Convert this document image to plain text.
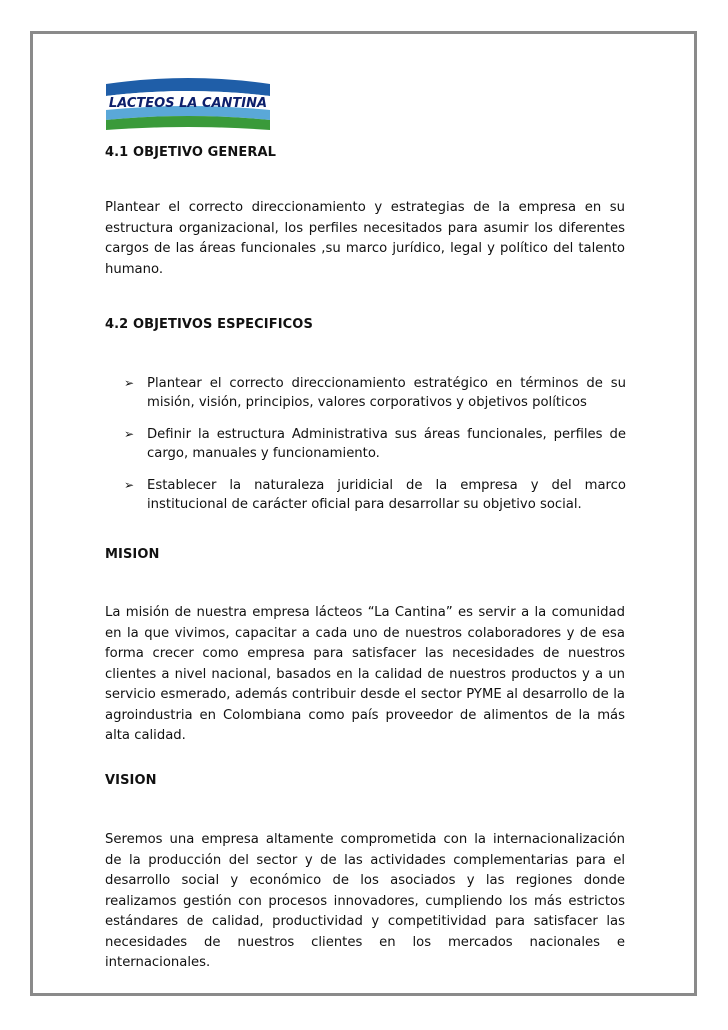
LACTEOS LA CANTINA
4.1 OBJETIVO GENERAL

Plantear el correcto direccionamiento y estrategias de la empresa en su estructura organizacional, los perfiles necesitados para asumir los diferentes cargos de las áreas funcionales ,su marco jurídico, legal y político del talento humano.

4.2 OBJETIVOS ESPECIFICOS
➢ Plantear el correcto direccionamiento estratégico en términos de su misión, visión, principios, valores corporativos y objetivos políticos
➢ Definir la estructura Administrativa sus áreas funcionales, perfiles de cargo, manuales y funcionamiento.
➢ Establecer la naturaleza juridicial de la empresa y del marco institucional de carácter oficial para desarrollar su objetivo social.
MISION

La misión de nuestra empresa lácteos “La Cantina” es servir a la comunidad en la que vivimos, capacitar a cada uno de nuestros colaboradores y de esa forma crecer como empresa para satisfacer las necesidades de nuestros clientes a nivel nacional, basados en la calidad de nuestros productos y a un servicio esmerado, además contribuir desde el sector PYME al desarrollo de la agroindustria en Colombiana como país proveedor de alimentos de la más alta calidad.

VISION

Seremos una empresa altamente comprometida con la internacionalización de la producción del sector y de las actividades complementarias para el desarrollo social y económico de los asociados y las regiones donde realizamos gestión con procesos innovadores, cumpliendo los más estrictos estándares de calidad, productividad y competitividad para satisfacer las necesidades de nuestros clientes en los mercados nacionales e internacionales.
